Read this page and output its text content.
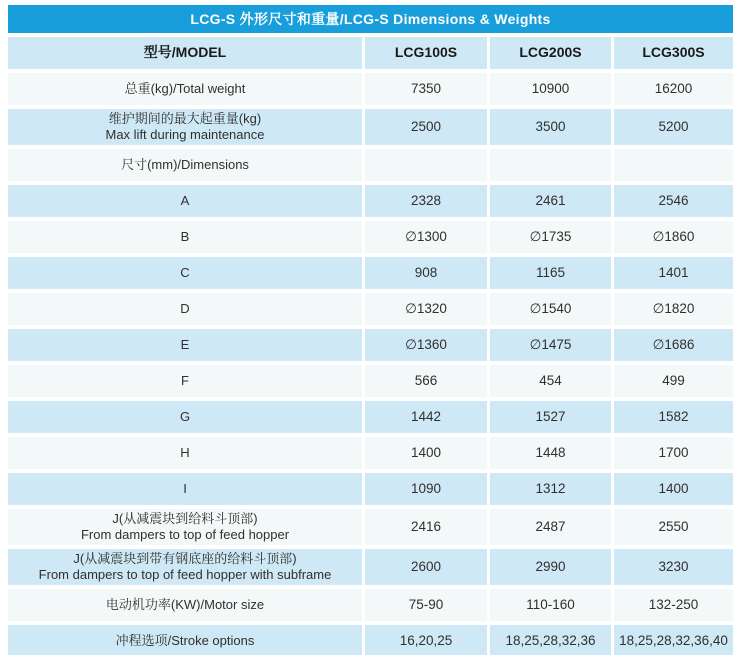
LCG-S 外形尺寸和重量/LCG-S Dimensions & Weights
型号/MODEL	LCG100S	LCG200S	LCG300S
总重(kg)/Total weight	7350	10900	16200
维护期间的最大起重量(kg)
Max lift during maintenance
2500	3500	5200
尺寸(mm)/Dimensions
A	2328	2461	2546
B	∅1300	∅1735	∅1860
C	908	1165	1401
D	∅1320	∅1540	∅1820
E	∅1360	∅1475	∅1686
F	566	454	499
G	1442	1527	1582
H	1400	1448	1700
I	1090	1312	1400
J(从减震块到给料斗顶部)
From dampers to top of feed hopper
2416	2487	2550
J(从减震块到带有钢底座的给料斗顶部)
From dampers to top of feed hopper with subframe
2600	2990	3230
电动机功率(KW)/Motor size	75-90	110-160	132-250
冲程选项/Stroke options	16,20,25	18,25,28,32,36	18,25,28,32,36,40
